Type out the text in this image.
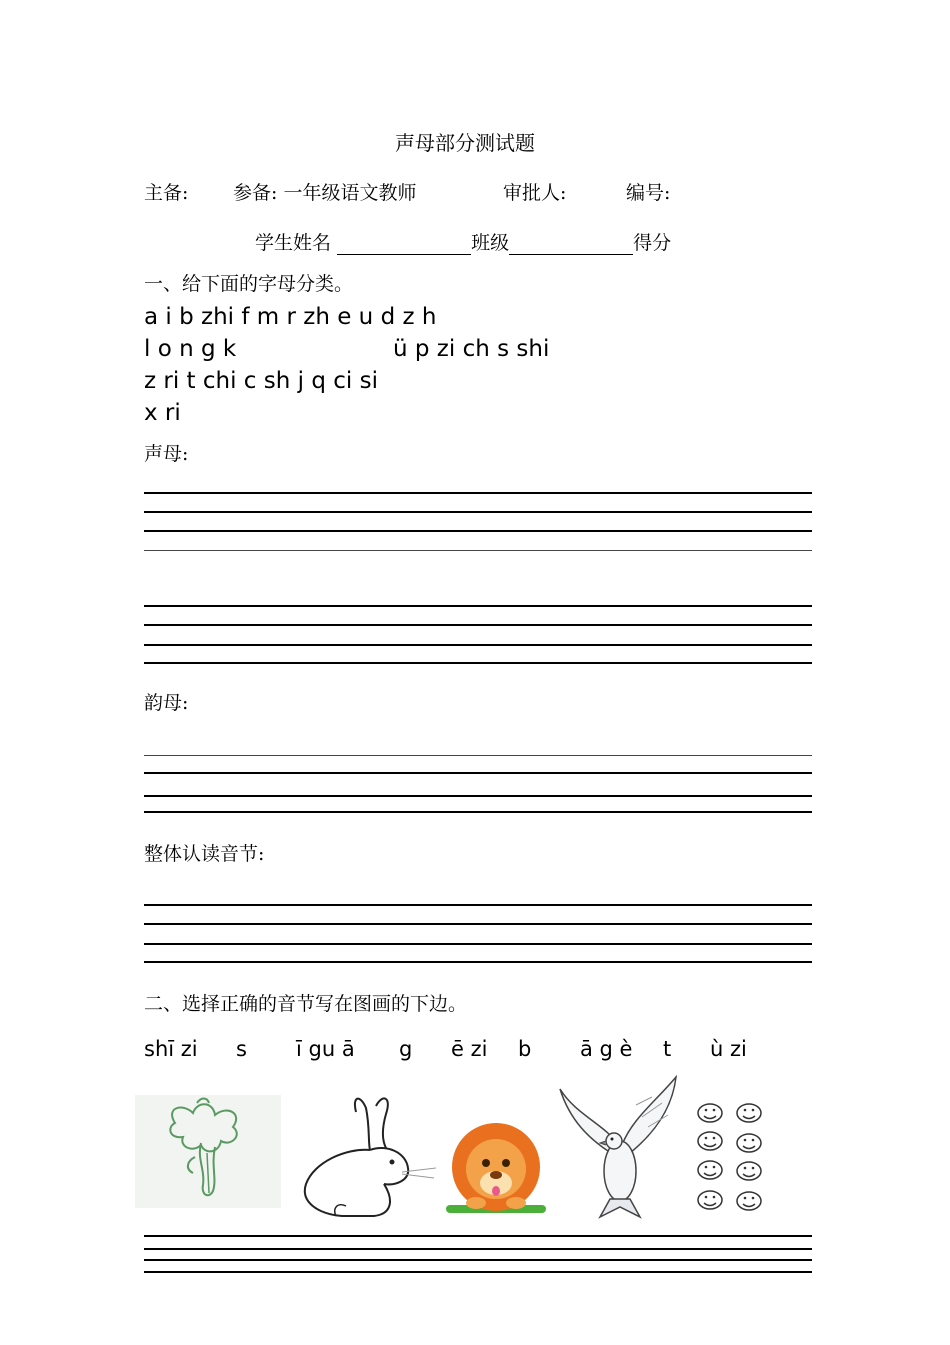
声母部分测试题
主备: 参备: 一年级语文教师	审批人:	编号:
学生姓名	班级	得分
一、给下面的字母分类。
a i b zhi f m r zh e u d z h
l o n g k	ü p zi ch s shi
z ri t chi c sh j q ci si
x ri
声母:
韵母:
整体认读音节:
二、选择正确的音节写在图画的下边。
shī zi s ī gu ā g ē zi b ā g è t ù zi
